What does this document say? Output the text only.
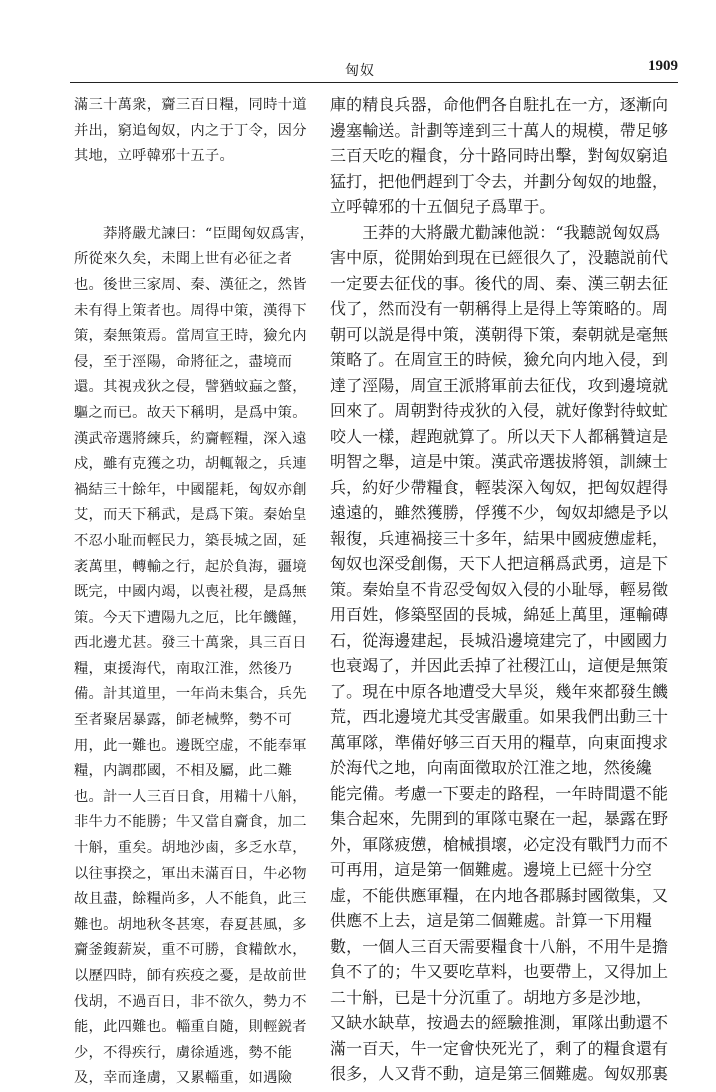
匈奴	1909
滿三十萬衆，齎三百日糧，同時十道
并出，窮追匈奴，内之于丁令，因分
其地，立呼韓邪十五子。
　　莽將嚴尤諫曰：“臣聞匈奴爲害，
所從來久矣，未聞上世有必征之者
也。後世三家周、秦、漢征之，然皆
未有得上策者也。周得中策，漢得下
策，秦無策焉。當周宣王時，獫允内
侵，至于涇陽，命將征之，盡境而
還。其視戎狄之侵，譬猶蚊蝱之螫，
驅之而已。故天下稱明，是爲中策。
漢武帝選將練兵，約齎輕糧，深入遠
戍，雖有克獲之功，胡輒報之，兵連
禍結三十餘年，中國罷耗，匈奴亦創
艾，而天下稱武，是爲下策。秦始皇
不忍小耻而輕民力，築長城之固，延
袤萬里，轉輸之行，起於負海，疆境
既完，中國内竭，以喪社稷，是爲無
策。今天下遭陽九之厄，比年饑饉，
西北邊尤甚。發三十萬衆，具三百日
糧，東援海代，南取江淮，然後乃
備。計其道里，一年尚未集合，兵先
至者聚居暴露，師老械弊，勢不可
用，此一難也。邊既空虚，不能奉軍
糧，内調郡國，不相及屬，此二難
也。計一人三百日食，用糒十八斛，
非牛力不能勝；牛又當自齎食，加二
十斛，重矣。胡地沙鹵，多乏水草，
以往事揆之，軍出未滿百日，牛必物
故且盡，餘糧尚多，人不能負，此三
難也。胡地秋冬甚寒，春夏甚風，多
齎釜鍑薪炭，重不可勝，食糒飲水，
以歷四時，師有疾疫之憂，是故前世
伐胡，不過百日，非不欲久，勢力不
能，此四難也。輜重自隨，則輕鋭者
少，不得疾行，虜徐遁逃，勢不能
及，幸而逢虜，又累輜重，如遇險
庫的精良兵器，命他們各自駐扎在一方，逐漸向
邊塞輸送。計劃等達到三十萬人的規模，帶足够
三百天吃的糧食，分十路同時出擊，對匈奴窮追
猛打，把他們趕到丁令去，并劃分匈奴的地盤，
立呼韓邪的十五個兒子爲單于。
　　王莽的大將嚴尤勸諫他説：“我聽説匈奴爲
害中原，從開始到現在已經很久了，没聽説前代
一定要去征伐的事。後代的周、秦、漢三朝去征
伐了，然而没有一朝稱得上是得上等策略的。周
朝可以説是得中策，漢朝得下策，秦朝就是毫無
策略了。在周宣王的時候，獫允向内地入侵，到
達了涇陽，周宣王派將軍前去征伐，攻到邊境就
回來了。周朝對待戎狄的入侵，就好像對待蚊虻
咬人一樣，趕跑就算了。所以天下人都稱贊這是
明智之舉，這是中策。漢武帝選拔將領，訓練士
兵，約好少帶糧食，輕裝深入匈奴，把匈奴趕得
遠遠的，雖然獲勝，俘獲不少，匈奴却總是予以
報復，兵連禍接三十多年，結果中國疲憊虚耗，
匈奴也深受創傷，天下人把這稱爲武勇，這是下
策。秦始皇不肯忍受匈奴入侵的小耻辱，輕易徵
用百姓，修築堅固的長城，綿延上萬里，運輸磚
石，從海邊建起，長城沿邊境建完了，中國國力
也衰竭了，并因此丢掉了社稷江山，這便是無策
了。現在中原各地遭受大旱災，幾年來都發生饑
荒，西北邊境尤其受害嚴重。如果我們出動三十
萬軍隊，準備好够三百天用的糧草，向東面搜求
於海代之地，向南面徵取於江淮之地，然後纔
能完備。考慮一下要走的路程，一年時間還不能
集合起來，先開到的軍隊屯聚在一起，暴露在野
外，軍隊疲憊，槍械損壞，必定没有戰鬥力而不
可再用，這是第一個難處。邊境上已經十分空
虚，不能供應軍糧，在内地各郡縣封國徵集，又
供應不上去，這是第二個難處。計算一下用糧
數，一個人三百天需要糧食十八斛，不用牛是擔
負不了的；牛又要吃草料，也要帶上，又得加上
二十斛，已是十分沉重了。胡地方多是沙地，
又缺水缺草，按過去的經驗推測，軍隊出動還不
滿一百天，牛一定會快死光了，剩了的糧食還有
很多，人又背不動，這是第三個難處。匈奴那裏
